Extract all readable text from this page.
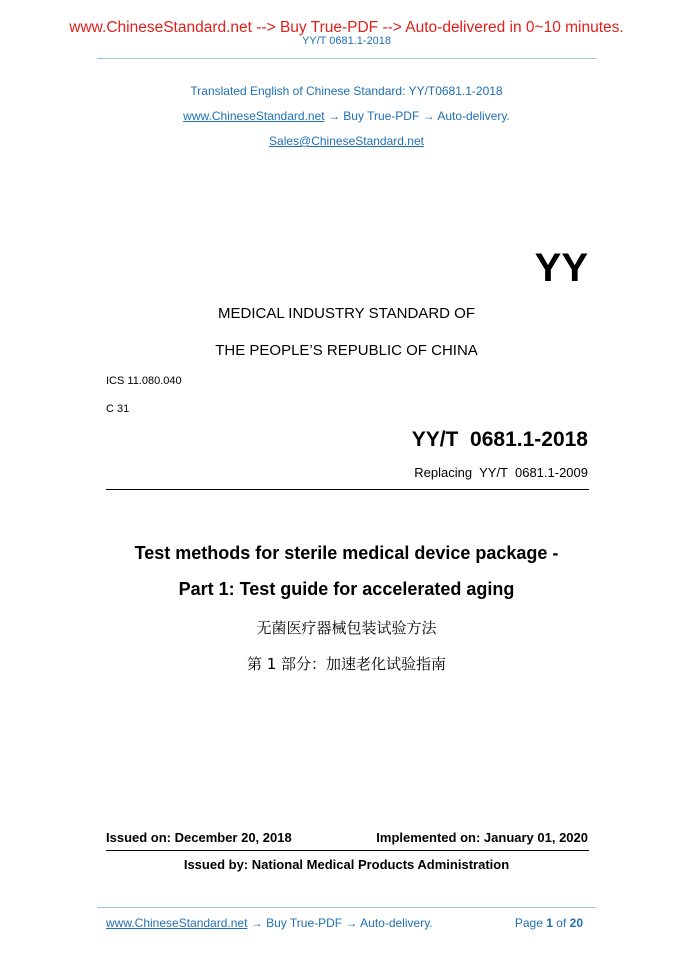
www.ChineseStandard.net --> Buy True-PDF --> Auto-delivered in 0~10 minutes.
YY/T 0681.1-2018
Translated English of Chinese Standard: YY/T0681.1-2018
www.ChineseStandard.net → Buy True-PDF → Auto-delivery.
Sales@ChineseStandard.net
YY
MEDICAL INDUSTRY STANDARD OF
THE PEOPLE’S REPUBLIC OF CHINA
ICS 11.080.040
C 31
YY/T  0681.1-2018
Replacing  YY/T  0681.1-2009
Test methods for sterile medical device package -
Part 1: Test guide for accelerated aging
无菌医疗器械包装试验方法
第 1 部分：加速老化试验指南
Issued on: December 20, 2018	Implemented on: January 01, 2020
Issued by: National Medical Products Administration
www.ChineseStandard.net → Buy True-PDF → Auto-delivery.	Page 1 of 20
